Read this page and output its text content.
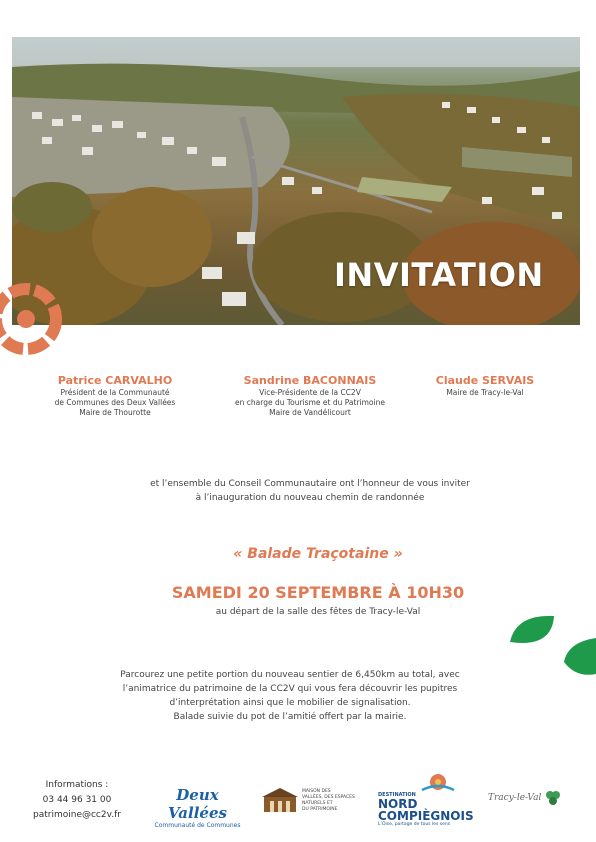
INVITATION
Patrice CARVALHO
Président de la Communauté
de Communes des Deux Vallées
Maire de Thourotte
Sandrine BACONNAIS
Vice-Présidente de la CC2V
en charge du Tourisme et du Patrimoine
Maire de Vandélicourt
Claude SERVAIS
Maire de Tracy-le-Val
et l’ensemble du Conseil Communautaire ont l’honneur de vous inviter
à l’inauguration du nouveau chemin de randonnée
« Balade Traçotaine »
SAMEDI 20 SEPTEMBRE À 10H30
au départ de la salle des fêtes de Tracy-le-Val
Parcourez une petite portion du nouveau sentier de 6,450km au total, avec
l’animatrice du patrimoine de la CC2V qui vous fera découvrir les pupitres
d’interprétation ainsi que le mobilier de signalisation.
Balade suivie du pot de l’amitié offert par la mairie.
Informations :
03 44 96 31 00
patrimoine@cc2v.fr
Deux Vallées
Communauté de Communes
MAISON DES
VALLÉES, DES ESPACES
NATURELS ET
DU PATRIMOINE
DESTINATION
NORD
COMPIÈGNOIS
L’Oise, partage de tous les sens
Tracy-le-Val
